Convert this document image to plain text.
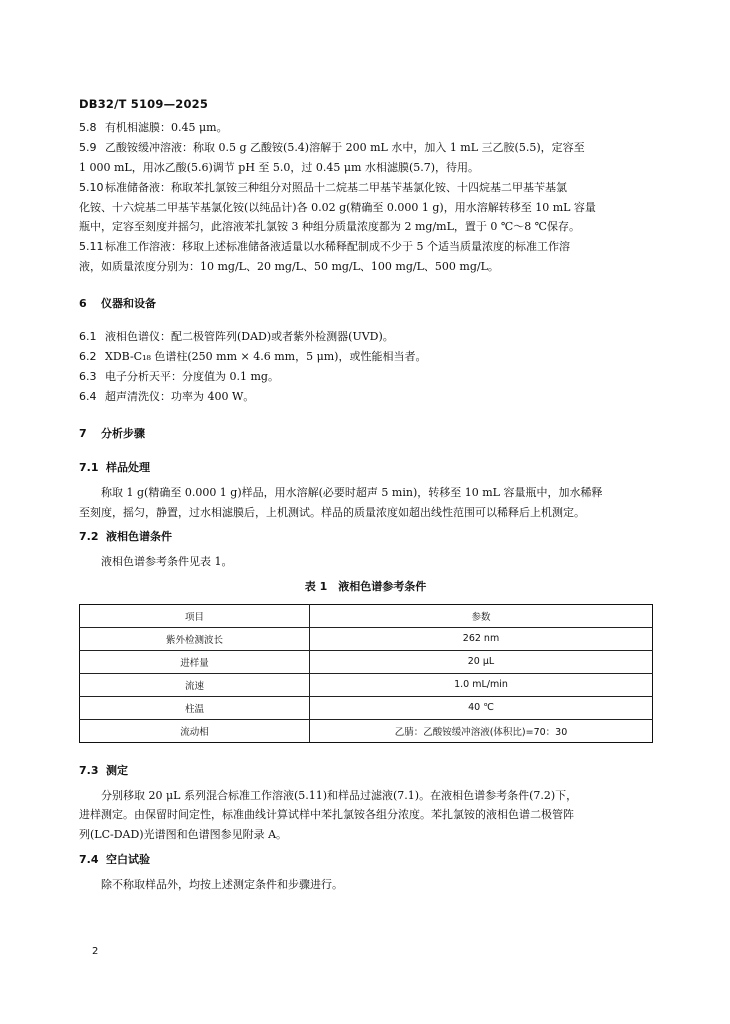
DB32/T 5109—2025
5.8 有机相滤膜：0.45 μm。
5.9 乙酸铵缓冲溶液：称取 0.5 g 乙酸铵(5.4)溶解于 200 mL 水中，加入 1 mL 三乙胺(5.5)，定容至
1 000 mL，用冰乙酸(5.6)调节 pH 至 5.0，过 0.45 μm 水相滤膜(5.7)，待用。
5.10 标准储备液：称取苯扎氯铵三种组分对照品十二烷基二甲基苄基氯化铵、十四烷基二甲基苄基氯
化铵、十六烷基二甲基苄基氯化铵(以纯品计)各 0.02 g(精确至 0.000 1 g)，用水溶解转移至 10 mL 容量
瓶中，定容至刻度并摇匀，此溶液苯扎氯铵 3 种组分质量浓度都为 2 mg/mL，置于 0 ℃～8 ℃保存。
5.11 标准工作溶液：移取上述标准储备液适量以水稀释配制成不少于 5 个适当质量浓度的标准工作溶
液，如质量浓度分别为：10 mg/L、20 mg/L、50 mg/L、100 mg/L、500 mg/L。
6 仪器和设备
6.1 液相色谱仪：配二极管阵列(DAD)或者紫外检测器(UVD)。
6.2 XDB-C₁₈ 色谱柱(250 mm × 4.6 mm，5 μm)，或性能相当者。
6.3 电子分析天平：分度值为 0.1 mg。
6.4 超声清洗仪：功率为 400 W。
7 分析步骤
7.1 样品处理
称取 1 g(精确至 0.000 1 g)样品，用水溶解(必要时超声 5 min)，转移至 10 mL 容量瓶中，加水稀释
至刻度，摇匀，静置，过水相滤膜后，上机测试。样品的质量浓度如超出线性范围可以稀释后上机测定。
7.2 液相色谱条件
液相色谱参考条件见表 1。
表 1　液相色谱参考条件
项目	参数
紫外检测波长	262 nm
进样量	20 μL
流速	1.0 mL/min
柱温	40 ℃
流动相	乙腈：乙酸铵缓冲溶液(体积比)=70：30
7.3 测定
分别移取 20 μL 系列混合标准工作溶液(5.11)和样品过滤液(7.1)。在液相色谱参考条件(7.2)下，
进样测定。由保留时间定性，标准曲线计算试样中苯扎氯铵各组分浓度。苯扎氯铵的液相色谱二极管阵
列(LC-DAD)光谱图和色谱图参见附录 A。
7.4 空白试验
除不称取样品外，均按上述测定条件和步骤进行。
2
